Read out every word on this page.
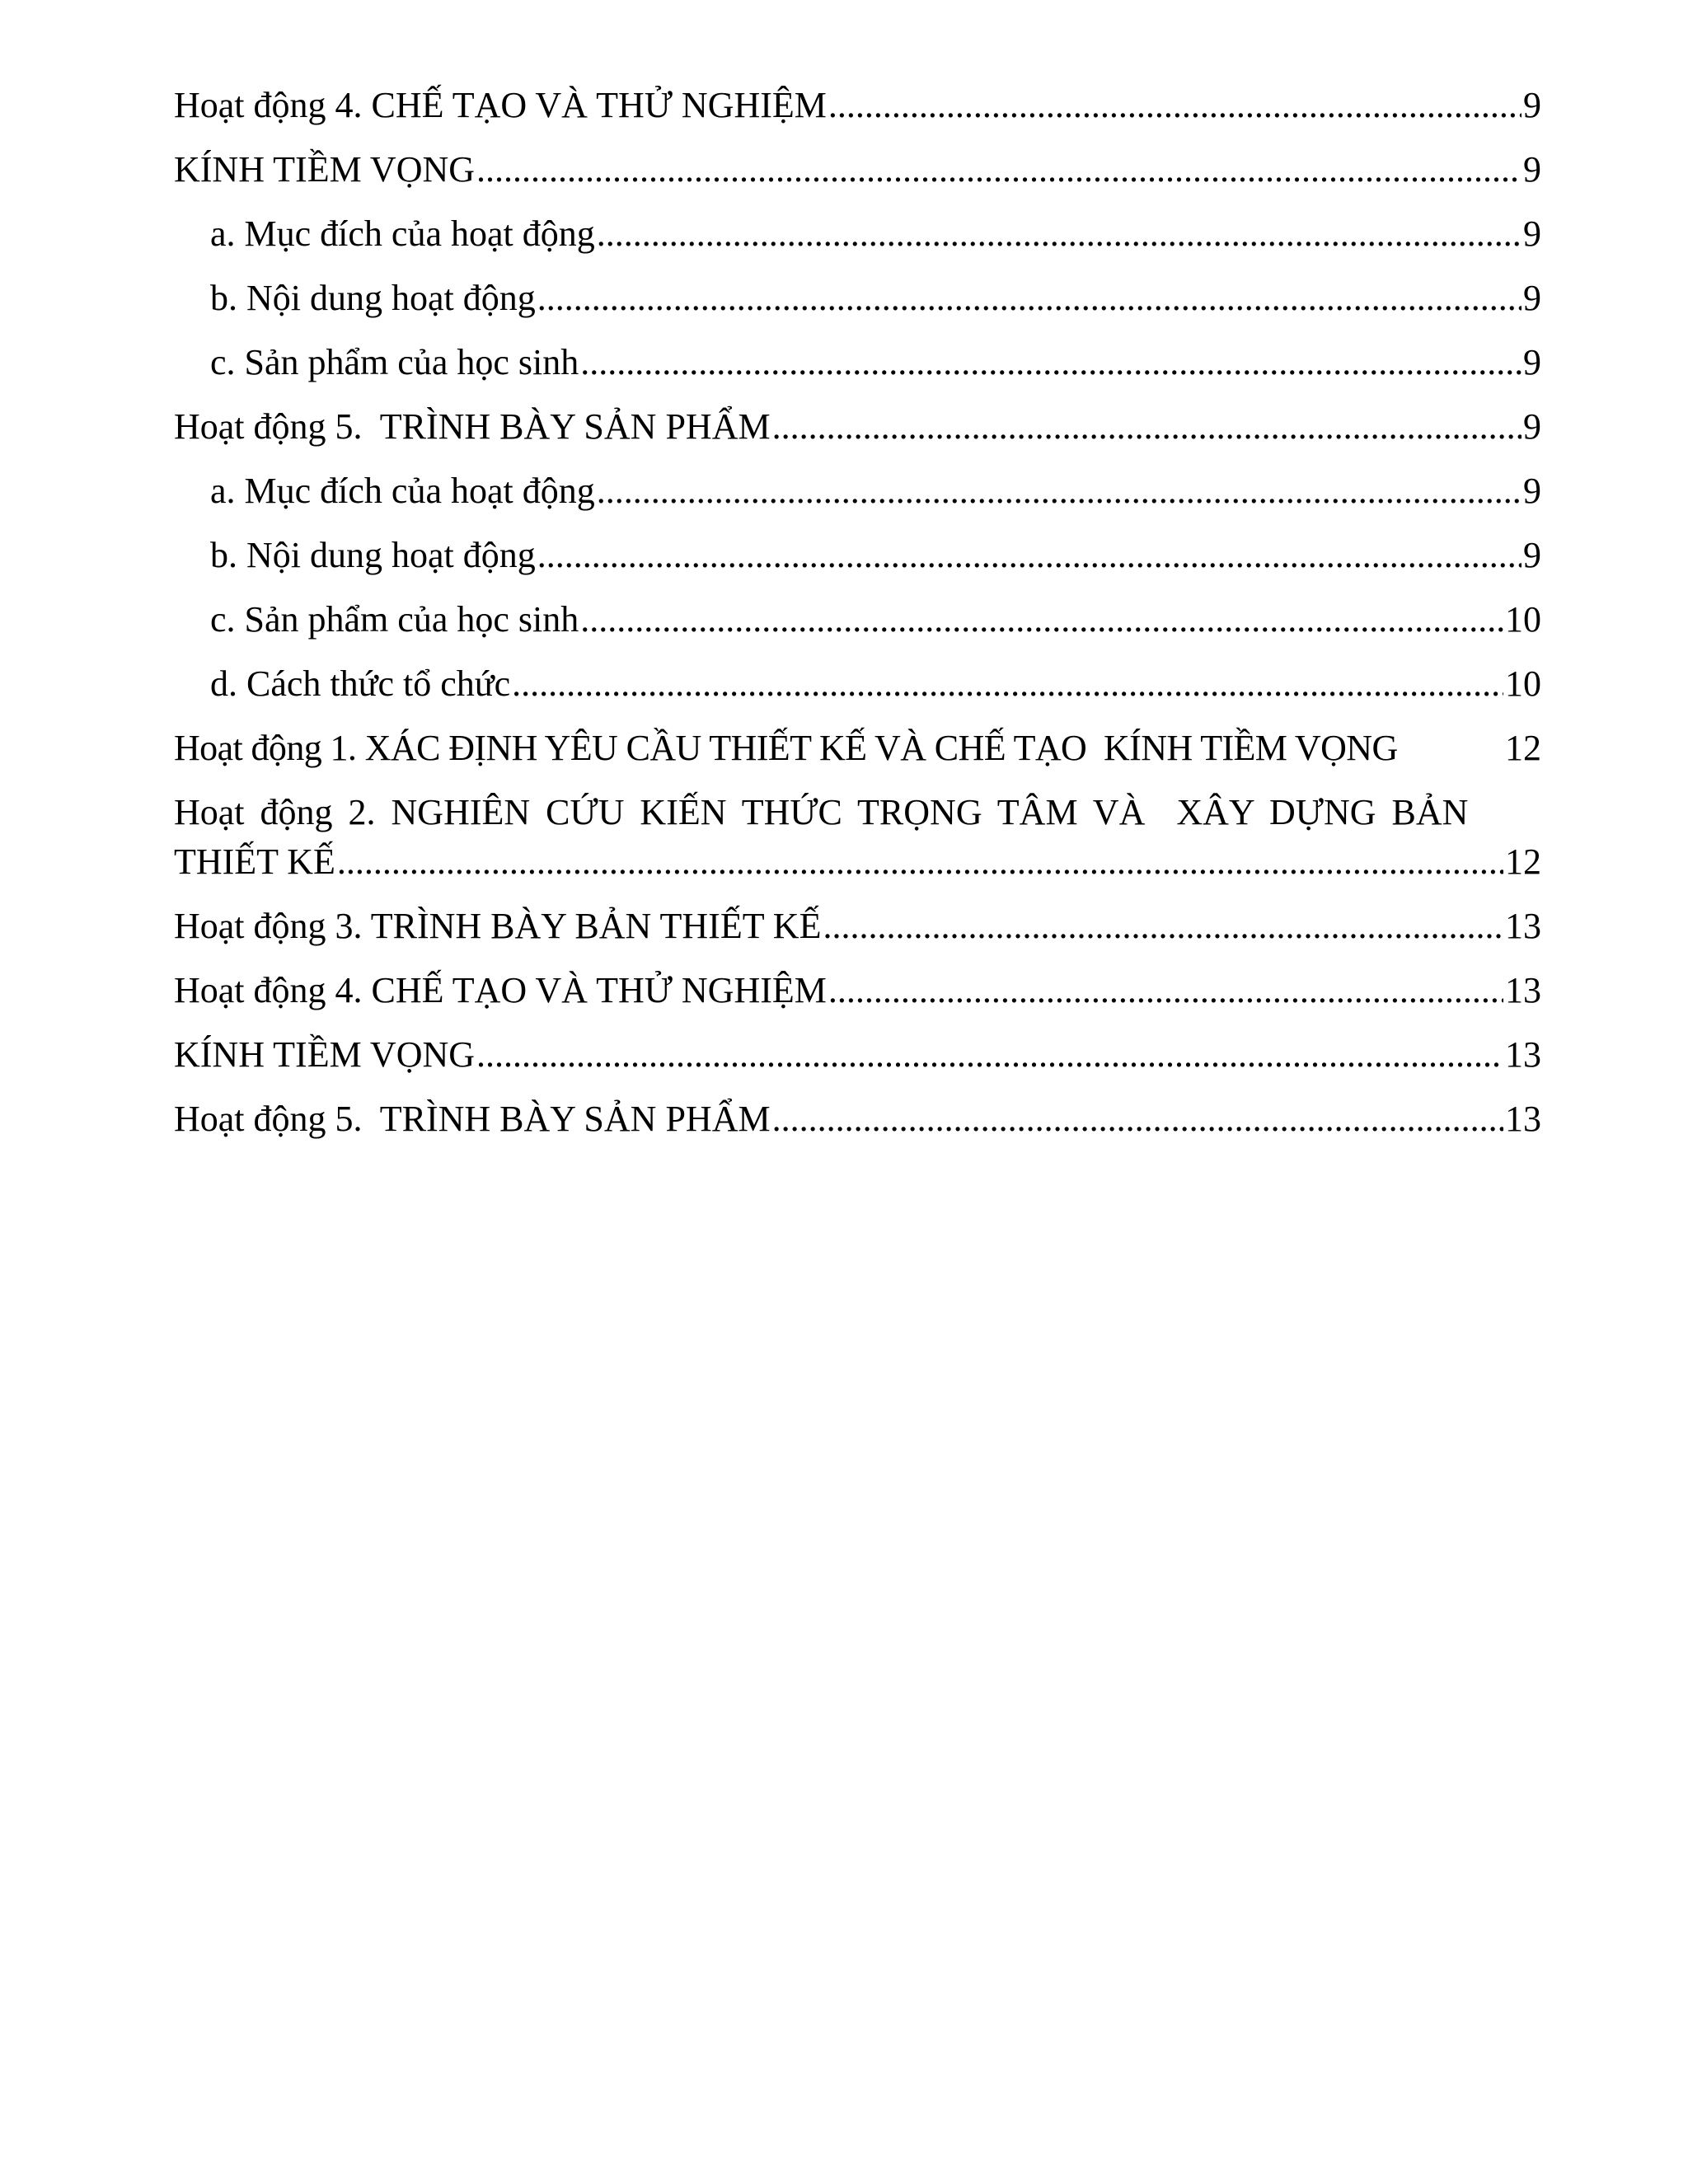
Hoạt động 4. CHẾ TẠO VÀ THỬ NGHIỆM .....	9
KÍNH TIỀM VỌNG .....	9
a. Mục đích của hoạt động .....	9
b. Nội dung hoạt động .....	9
c. Sản phẩm của học sinh .....	9
Hoạt động 5.  TRÌNH BÀY SẢN PHẨM .....	9
a. Mục đích của hoạt động .....	9
b. Nội dung hoạt động .....	9
c. Sản phẩm của học sinh .....	10
d. Cách thức tổ chức .....	10
Hoạt động 1. XÁC ĐỊNH YÊU CẦU THIẾT KẾ VÀ CHẾ TẠO  KÍNH TIỀM VỌNG	12
Hoạt động 2. NGHIÊN CỨU KIẾN THỨC TRỌNG TÂM VÀ  XÂY DỰNG BẢN
THIẾT KẾ .....	12
Hoạt động 3. TRÌNH BÀY BẢN THIẾT KẾ .....	13
Hoạt động 4. CHẾ TẠO VÀ THỬ NGHIỆM .....	13
KÍNH TIỀM VỌNG .....	13
Hoạt động 5.  TRÌNH BÀY SẢN PHẨM .....	13
